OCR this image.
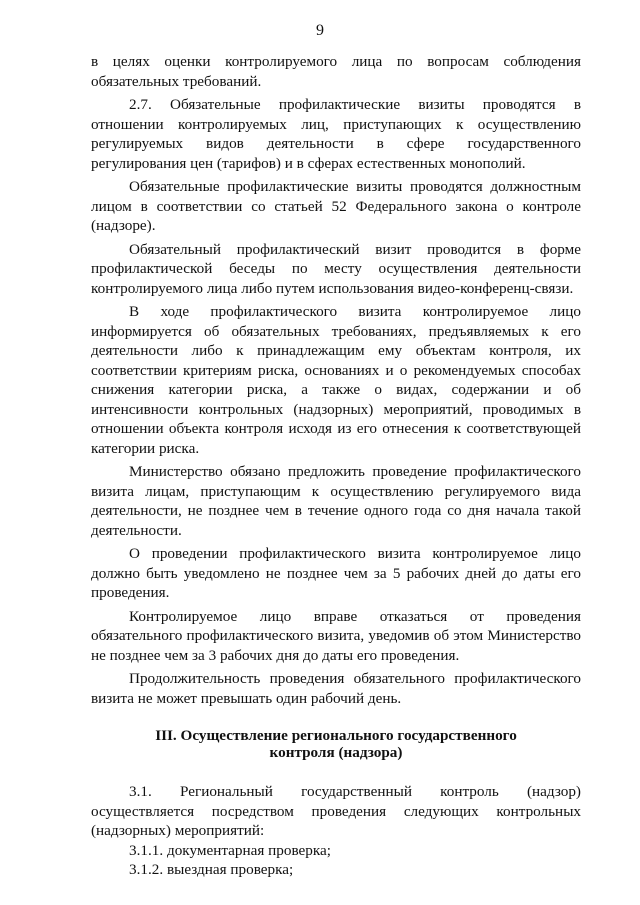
9

в целях оценки контролируемого лица по вопросам соблюдения обязательных требований.

2.7. Обязательные профилактические визиты проводятся в отношении контролируемых лиц, приступающих к осуществлению регулируемых видов деятельности в сфере государственного регулирования цен (тарифов) и в сферах естественных монополий.

Обязательные профилактические визиты проводятся должностным лицом в соответствии со статьей 52 Федерального закона о контроле (надзоре).

Обязательный профилактический визит проводится в форме профилактической беседы по месту осуществления деятельности контролируемого лица либо путем использования видео-конференц-связи.

В ходе профилактического визита контролируемое лицо информируется об обязательных требованиях, предъявляемых к его деятельности либо к принадлежащим ему объектам контроля, их соответствии критериям риска, основаниях и о рекомендуемых способах снижения категории риска, а также о видах, содержании и об интенсивности контрольных (надзорных) мероприятий, проводимых в отношении объекта контроля исходя из его отнесения к соответствующей категории риска.

Министерство обязано предложить проведение профилактического визита лицам, приступающим к осуществлению регулируемого вида деятельности, не позднее чем в течение одного года со дня начала такой деятельности.

О проведении профилактического визита контролируемое лицо должно быть уведомлено не позднее чем за 5 рабочих дней до даты его проведения.

Контролируемое лицо вправе отказаться от проведения обязательного профилактического визита, уведомив об этом Министерство не позднее чем за 3 рабочих дня до даты его проведения.

Продолжительность проведения обязательного профилактического визита не может превышать один рабочий день.

III. Осуществление регионального государственного
контроля (надзора)

3.1. Региональный государственный контроль (надзор) осуществляется посредством проведения следующих контрольных (надзорных) мероприятий:

3.1.1. документарная проверка;

3.1.2. выездная проверка;
